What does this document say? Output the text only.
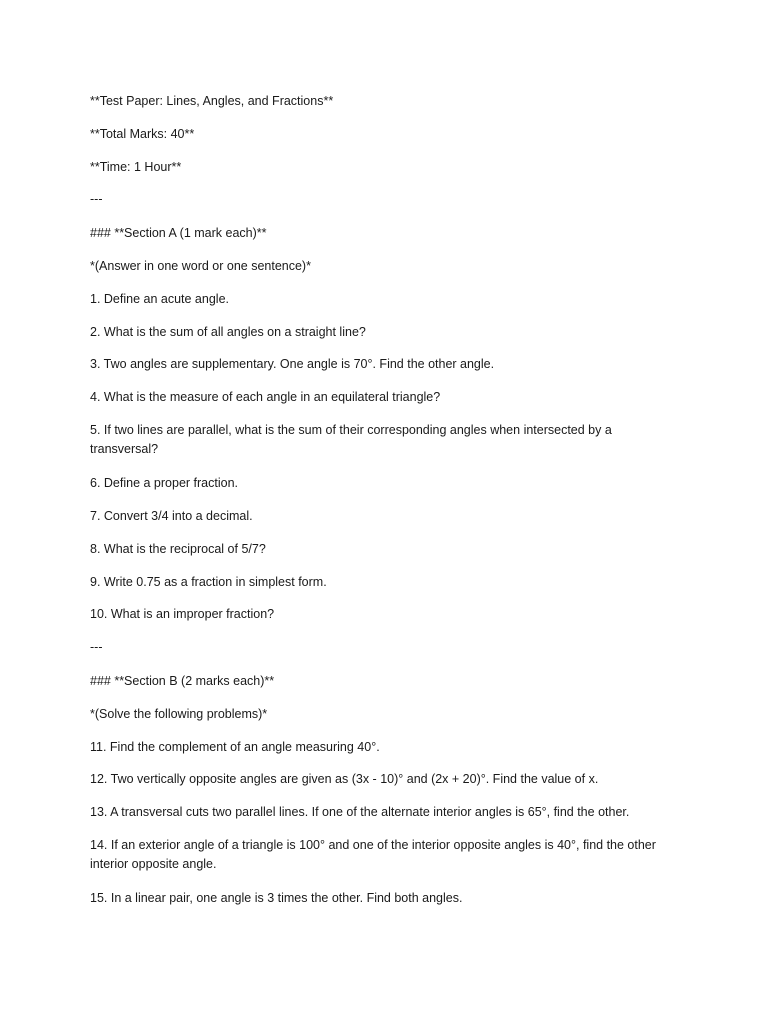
**Test Paper: Lines, Angles, and Fractions**
**Total Marks: 40**
**Time: 1 Hour**
---
### **Section A (1 mark each)**
*(Answer in one word or one sentence)*
1. Define an acute angle.
2. What is the sum of all angles on a straight line?
3. Two angles are supplementary. One angle is 70°. Find the other angle.
4. What is the measure of each angle in an equilateral triangle?
5. If two lines are parallel, what is the sum of their corresponding angles when intersected by a transversal?
6. Define a proper fraction.
7. Convert 3/4 into a decimal.
8. What is the reciprocal of 5/7?
9. Write 0.75 as a fraction in simplest form.
10. What is an improper fraction?
---
### **Section B (2 marks each)**
*(Solve the following problems)*
11. Find the complement of an angle measuring 40°.
12. Two vertically opposite angles are given as (3x - 10)° and (2x + 20)°. Find the value of x.
13. A transversal cuts two parallel lines. If one of the alternate interior angles is 65°, find the other.
14. If an exterior angle of a triangle is 100° and one of the interior opposite angles is 40°, find the other interior opposite angle.
15. In a linear pair, one angle is 3 times the other. Find both angles.
